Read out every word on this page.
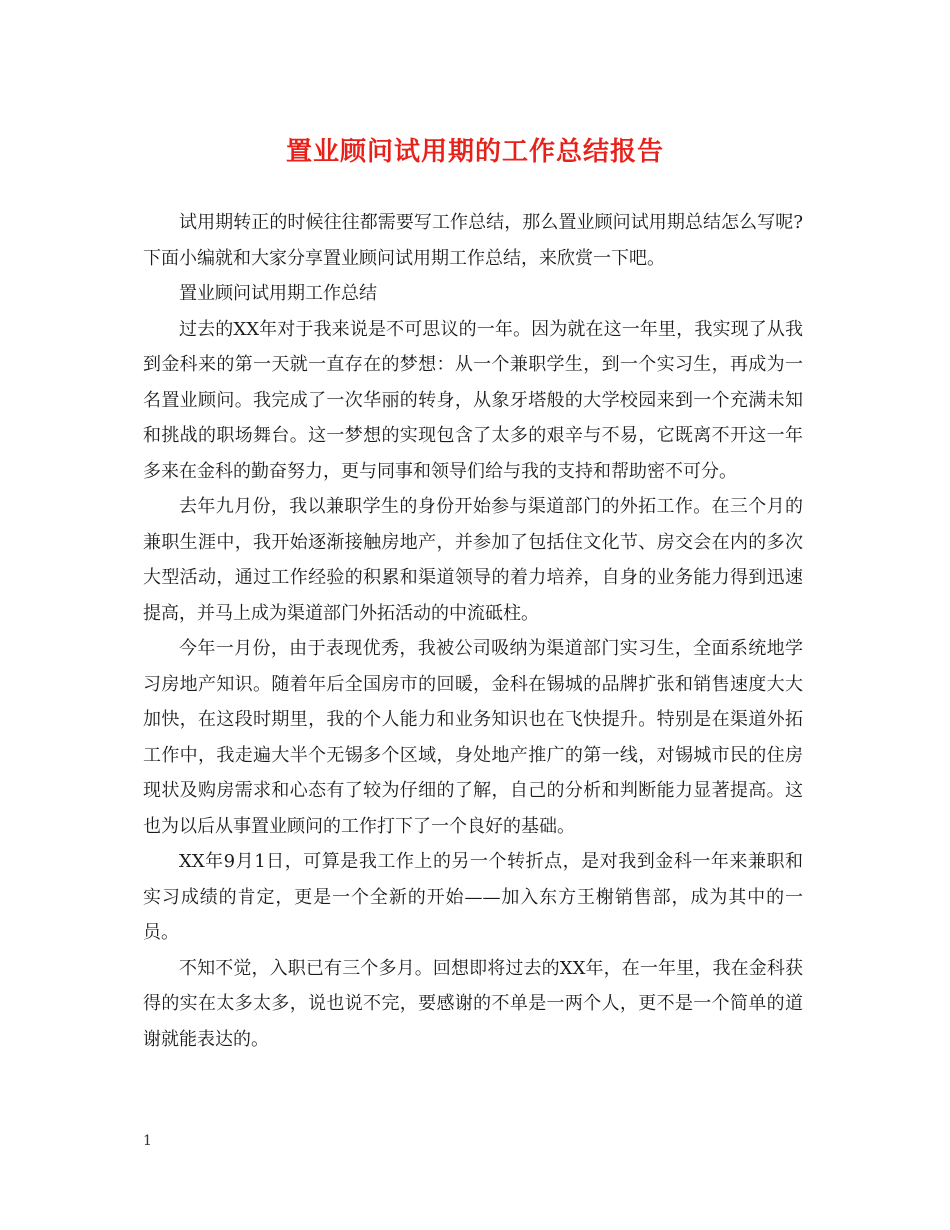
置业顾问试用期的工作总结报告

试用期转正的时候往往都需要写工作总结，那么置业顾问试用期总结怎么写呢?下面小编就和大家分享置业顾问试用期工作总结，来欣赏一下吧。

置业顾问试用期工作总结

过去的XX年对于我来说是不可思议的一年。因为就在这一年里，我实现了从我到金科来的第一天就一直存在的梦想：从一个兼职学生，到一个实习生，再成为一名置业顾问。我完成了一次华丽的转身，从象牙塔般的大学校园来到一个充满未知和挑战的职场舞台。这一梦想的实现包含了太多的艰辛与不易，它既离不开这一年多来在金科的勤奋努力，更与同事和领导们给与我的支持和帮助密不可分。

去年九月份，我以兼职学生的身份开始参与渠道部门的外拓工作。在三个月的兼职生涯中，我开始逐渐接触房地产，并参加了包括住文化节、房交会在内的多次大型活动，通过工作经验的积累和渠道领导的着力培养，自身的业务能力得到迅速提高，并马上成为渠道部门外拓活动的中流砥柱。

今年一月份，由于表现优秀，我被公司吸纳为渠道部门实习生，全面系统地学习房地产知识。随着年后全国房市的回暖，金科在锡城的品牌扩张和销售速度大大加快，在这段时期里，我的个人能力和业务知识也在飞快提升。特别是在渠道外拓工作中，我走遍大半个无锡多个区域，身处地产推广的第一线，对锡城市民的住房现状及购房需求和心态有了较为仔细的了解，自己的分析和判断能力显著提高。这也为以后从事置业顾问的工作打下了一个良好的基础。

XX年9月1日，可算是我工作上的另一个转折点，是对我到金科一年来兼职和实习成绩的肯定，更是一个全新的开始——加入东方王榭销售部，成为其中的一员。

不知不觉，入职已有三个多月。回想即将过去的XX年，在一年里，我在金科获得的实在太多太多，说也说不完，要感谢的不单是一两个人，更不是一个简单的道谢就能表达的。

1
